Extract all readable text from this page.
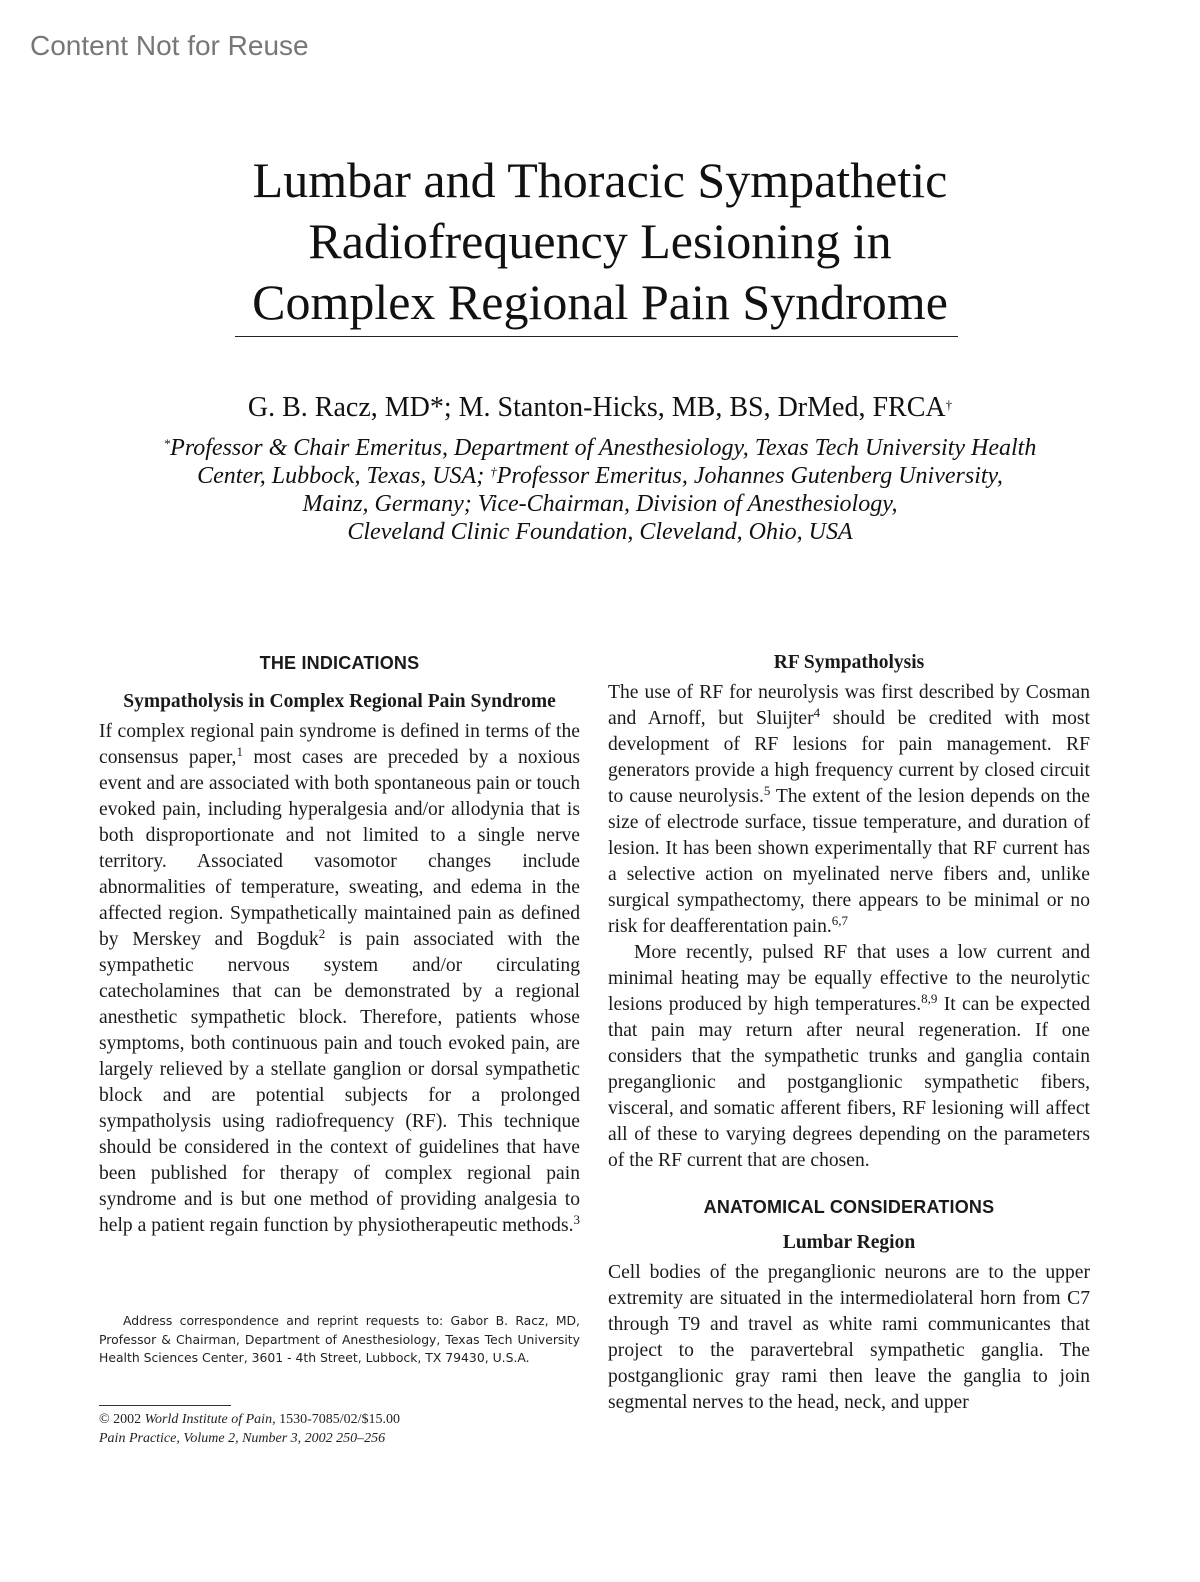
Content Not for Reuse
Lumbar and Thoracic Sympathetic
Radiofrequency Lesioning in
Complex Regional Pain Syndrome
G. B. Racz, MD*; M. Stanton-Hicks, MB, BS, DrMed, FRCA†
*Professor & Chair Emeritus, Department of Anesthesiology, Texas Tech University Health
Center, Lubbock, Texas, USA; †Professor Emeritus, Johannes Gutenberg University,
Mainz, Germany; Vice-Chairman, Division of Anesthesiology,
Cleveland Clinic Foundation, Cleveland, Ohio, USA
THE INDICATIONS
Sympatholysis in Complex Regional Pain Syndrome

If complex regional pain syndrome is defined in terms of the consensus paper,$^1$ most cases are preceded by a noxious event and are associated with both spontaneous pain or touch evoked pain, including hyperalgesia and/or allodynia that is both disproportionate and not limited to a single nerve territory. Associated vasomotor changes include abnormalities of temperature, sweating, and edema in the affected region. Sympathetically maintained pain as defined by Merskey and Bogduk$^2$ is pain associated with the sympathetic nervous system and/or circulating catecholamines that can be demonstrated by a regional anesthetic sympathetic block. Therefore, patients whose symptoms, both continuous pain and touch evoked pain, are largely relieved by a stellate ganglion or dorsal sympathetic block and are potential subjects for a prolonged sympatholysis using radiofrequency (RF). This technique should be considered in the context of guidelines that have been published for therapy of complex regional pain syndrome and is but one method of providing analgesia to help a patient regain function by physiotherapeutic methods.$^3$

Address correspondence and reprint requests to: Gabor B. Racz, MD, Professor & Chairman, Department of Anesthesiology, Texas Tech University Health Sciences Center, 3601 - 4th Street, Lubbock, TX 79430, U.S.A.

© 2002 World Institute of Pain, 1530-7085/02/$15.00
Pain Practice, Volume 2, Number 3, 2002 250–256
RF Sympatholysis

The use of RF for neurolysis was first described by Cosman and Arnoff, but Sluijter$^4$ should be credited with most development of RF lesions for pain management. RF generators provide a high frequency current by closed circuit to cause neurolysis.$^5$ The extent of the lesion depends on the size of electrode surface, tissue temperature, and duration of lesion. It has been shown experimentally that RF current has a selective action on myelinated nerve fibers and, unlike surgical sympathectomy, there appears to be minimal or no risk for deafferentation pain.$^{6,7}$

More recently, pulsed RF that uses a low current and minimal heating may be equally effective to the neurolytic lesions produced by high temperatures.$^{8,9}$ It can be expected that pain may return after neural regeneration. If one considers that the sympathetic trunks and ganglia contain preganglionic and postganglionic sympathetic fibers, visceral, and somatic afferent fibers, RF lesioning will affect all of these to varying degrees depending on the parameters of the RF current that are chosen.

ANATOMICAL CONSIDERATIONS
Lumbar Region

Cell bodies of the preganglionic neurons are to the upper extremity are situated in the intermediolateral horn from C7 through T9 and travel as white rami communicantes that project to the paravertebral sympathetic ganglia. The postganglionic gray rami then leave the ganglia to join segmental nerves to the head, neck, and upper
